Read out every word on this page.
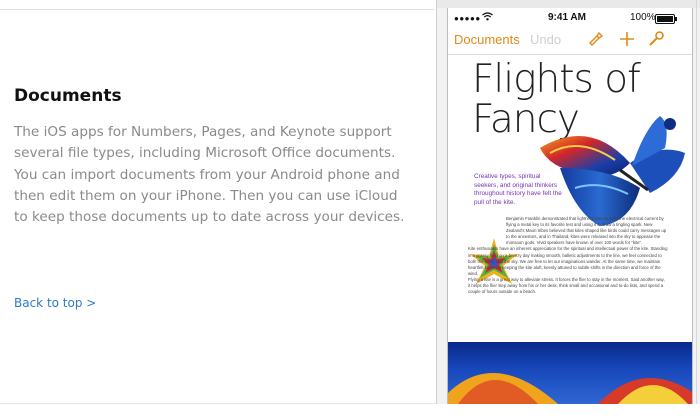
Documents

The iOS apps for Numbers, Pages, and Keynote support several file types, including Microsoft Office documents. You can import documents from your Android phone and then edit them on your iPhone. Then you can use iCloud to keep those documents up to date across your devices.

Back to top >
●●●●●	9:41 AM	100%
Documents Undo
Flights of
Fancy
Creative types, spiritual seekers, and original thinkers throughout history have felt the pull of the kite.

Benjamin Franklin demonstrated that lightning was an airborne electrical current by flying a metal key to its favorite test and using it to draw a tingling spark. New Zealand's Maori tribes believed that kites shaped like birds could carry messages up to the ancestors, and in Thailand, kites were released into the sky to appease the monsoon gods. Vivid speakers have known of over 100 words for "kite".

Kite enthusiasts have an inherent appreciation for the spiritual and intellectual power of the kite. Standing in a grassy field on a breezy day making smooth, balletic adjustments to the line, we feel connected to both the earth and the sky. We are free to let our imaginations wander. At the same time, we maintain heartfelt focus on keeping the kite aloft, keenly attuned to subtle shifts in the direction and force of the wind.

Flying a kite is a great way to alleviate stress. It forces the flier to stay in the moment. Said another way, it helps the flier step away from his or her desk, think small and occasional and to-do lists, and spend a couple of hours outside on a beach.
